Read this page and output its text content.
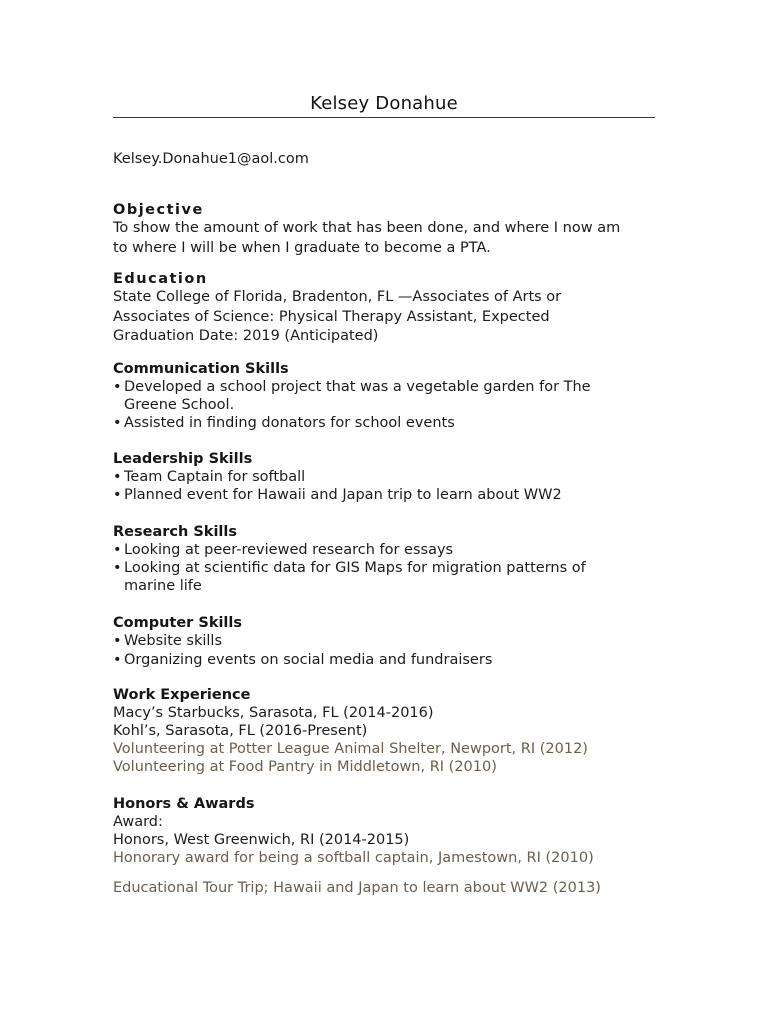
Kelsey Donahue
Kelsey.Donahue1@aol.com
Objective
To show the amount of work that has been done, and where I now am
to where I will be when I graduate to become a PTA.
Education
State College of Florida, Bradenton, FL —Associates of Arts or
Associates of Science: Physical Therapy Assistant, Expected
Graduation Date: 2019 (Anticipated)
Communication Skills
• Developed a school project that was a vegetable garden for The
Greene School.
• Assisted in finding donators for school events
Leadership Skills
• Team Captain for softball
• Planned event for Hawaii and Japan trip to learn about WW2
Research Skills
• Looking at peer-reviewed research for essays
• Looking at scientific data for GIS Maps for migration patterns of
marine life
Computer Skills
• Website skills
• Organizing events on social media and fundraisers
Work Experience
Macy’s Starbucks, Sarasota, FL (2014-2016)
Kohl’s, Sarasota, FL (2016-Present)
Volunteering at Potter League Animal Shelter, Newport, RI (2012)
Volunteering at Food Pantry in Middletown, RI (2010)
Honors & Awards
Award:
Honors, West Greenwich, RI (2014-2015)
Honorary award for being a softball captain, Jamestown, RI (2010)
Educational Tour Trip; Hawaii and Japan to learn about WW2 (2013)
